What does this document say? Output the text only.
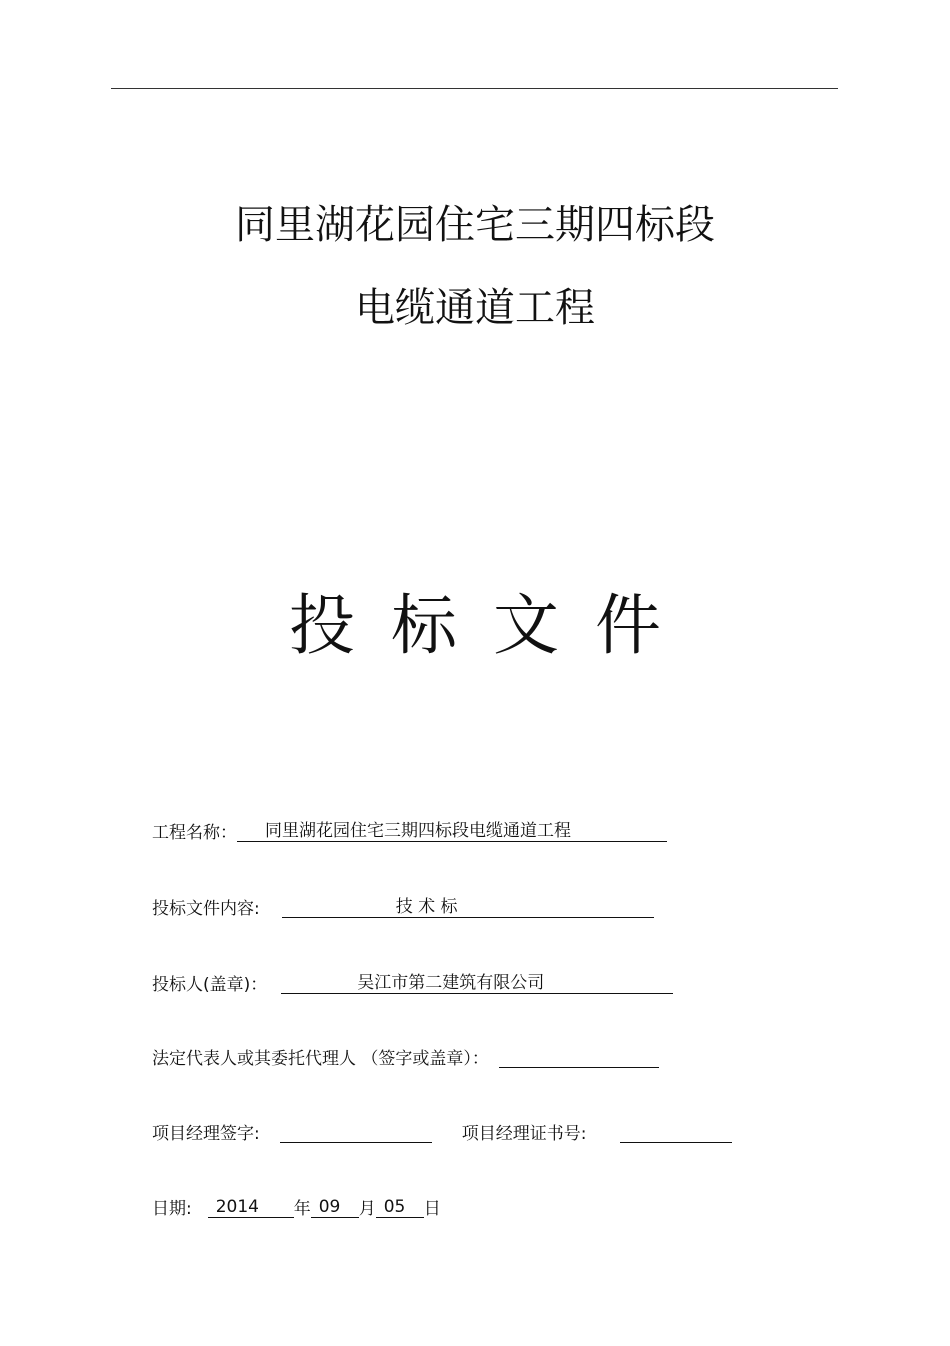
同里湖花园住宅三期四标段
电缆通道工程
投 标 文 件
工程名称： 同里湖花园住宅三期四标段电缆通道工程
投标文件内容:	技 术 标
投标人(盖章)：	吴江市第二建筑有限公司
法定代表人或其委托代理人 （签字或盖章）：
项目经理签字:	项目经理证书号:
日期: 2014 年 09 月 05 日
